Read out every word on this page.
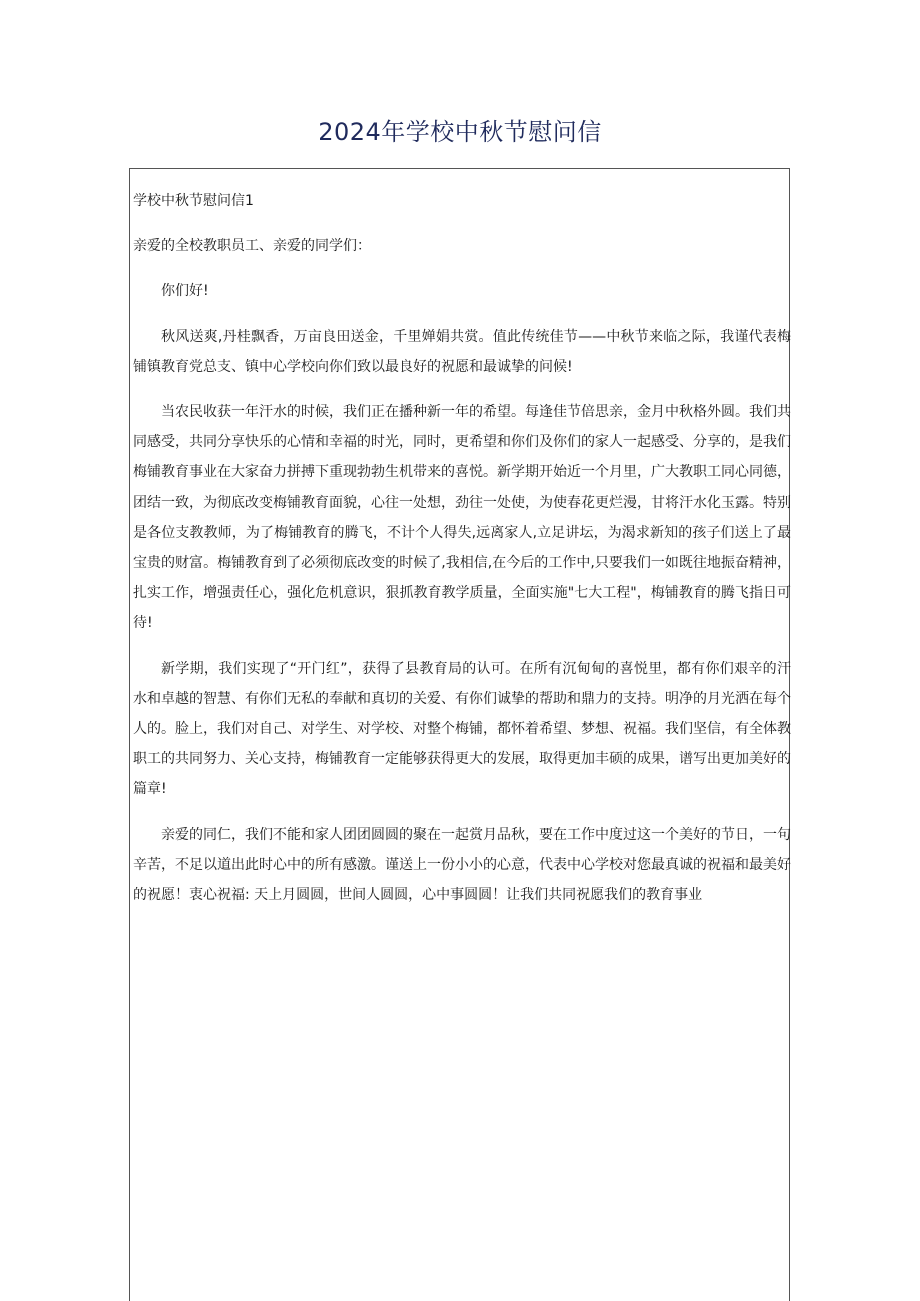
2024年学校中秋节慰问信

学校中秋节慰问信1

亲爱的全校教职员工、亲爱的同学们：

你们好!

秋风送爽,丹桂飘香，万亩良田送金，千里婵娟共赏。值此传统佳节——中秋节来临之际，我谨代表梅铺镇教育党总支、镇中心学校向你们致以最良好的祝愿和最诚挚的问候!

当农民收获一年汗水的时候，我们正在播种新一年的希望。每逢佳节倍思亲，金月中秋格外圆。我们共同感受，共同分享快乐的心情和幸福的时光，同时，更希望和你们及你们的家人一起感受、分享的，是我们梅铺教育事业在大家奋力拼搏下重现勃勃生机带来的喜悦。新学期开始近一个月里，广大教职工同心同德，团结一致，为彻底改变梅铺教育面貌，心往一处想，劲往一处使，为使春花更烂漫，甘将汗水化玉露。特别是各位支教教师，为了梅铺教育的腾飞，不计个人得失,远离家人,立足讲坛，为渴求新知的孩子们送上了最宝贵的财富。梅铺教育到了必须彻底改变的时候了,我相信,在今后的工作中,只要我们一如既往地振奋精神，扎实工作，增强责任心，强化危机意识，狠抓教育教学质量，全面实施"七大工程"，梅铺教育的腾飞指日可待!

新学期，我们实现了“开门红”，获得了县教育局的认可。在所有沉甸甸的喜悦里，都有你们艰辛的汗水和卓越的智慧、有你们无私的奉献和真切的关爱、有你们诚挚的帮助和鼎力的支持。明净的月光洒在每个人的。脸上，我们对自己、对学生、对学校、对整个梅铺，都怀着希望、梦想、祝福。我们坚信，有全体教职工的共同努力、关心支持，梅铺教育一定能够获得更大的发展，取得更加丰硕的成果，谱写出更加美好的篇章!

亲爱的同仁，我们不能和家人团团圆圆的聚在一起赏月品秋，要在工作中度过这一个美好的节日，一句辛苦，不足以道出此时心中的所有感激。谨送上一份小小的心意，代表中心学校对您最真诚的祝福和最美好的祝愿！衷心祝福: 天上月圆圆，世间人圆圆，心中事圆圆！让我们共同祝愿我们的教育事业
